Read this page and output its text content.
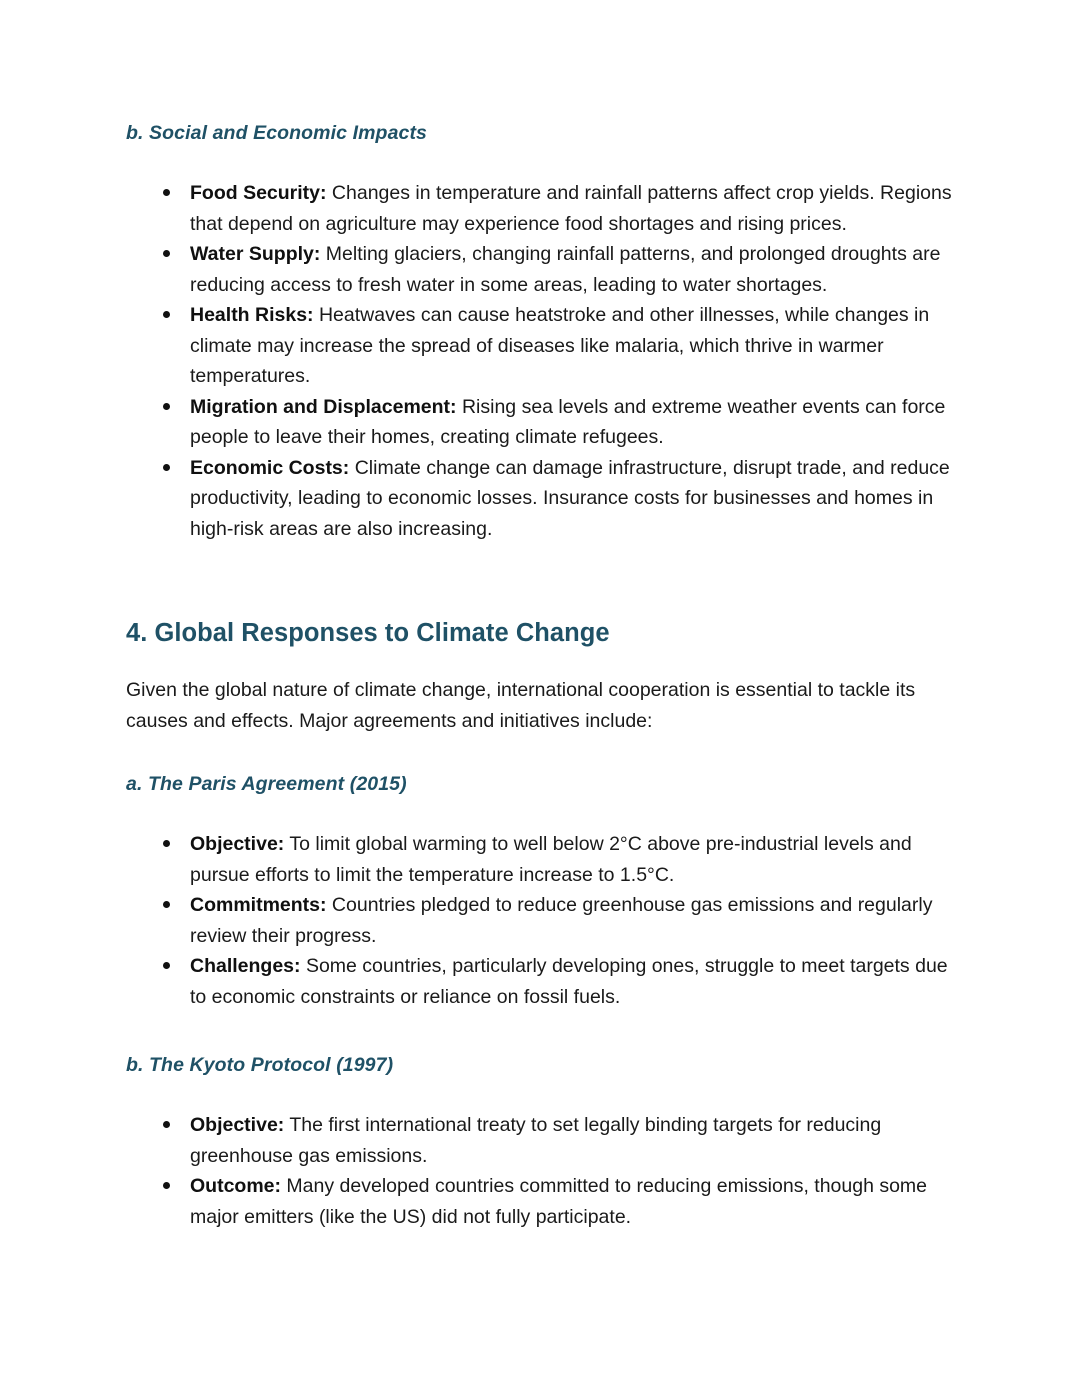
b. Social and Economic Impacts
Food Security: Changes in temperature and rainfall patterns affect crop yields. Regions that depend on agriculture may experience food shortages and rising prices.
Water Supply: Melting glaciers, changing rainfall patterns, and prolonged droughts are reducing access to fresh water in some areas, leading to water shortages.
Health Risks: Heatwaves can cause heatstroke and other illnesses, while changes in climate may increase the spread of diseases like malaria, which thrive in warmer temperatures.
Migration and Displacement: Rising sea levels and extreme weather events can force people to leave their homes, creating climate refugees.
Economic Costs: Climate change can damage infrastructure, disrupt trade, and reduce productivity, leading to economic losses. Insurance costs for businesses and homes in high-risk areas are also increasing.
4. Global Responses to Climate Change

Given the global nature of climate change, international cooperation is essential to tackle its causes and effects. Major agreements and initiatives include:

a. The Paris Agreement (2015)
Objective: To limit global warming to well below 2°C above pre-industrial levels and pursue efforts to limit the temperature increase to 1.5°C.
Commitments: Countries pledged to reduce greenhouse gas emissions and regularly review their progress.
Challenges: Some countries, particularly developing ones, struggle to meet targets due to economic constraints or reliance on fossil fuels.
b. The Kyoto Protocol (1997)
Objective: The first international treaty to set legally binding targets for reducing greenhouse gas emissions.
Outcome: Many developed countries committed to reducing emissions, though some major emitters (like the US) did not fully participate.
